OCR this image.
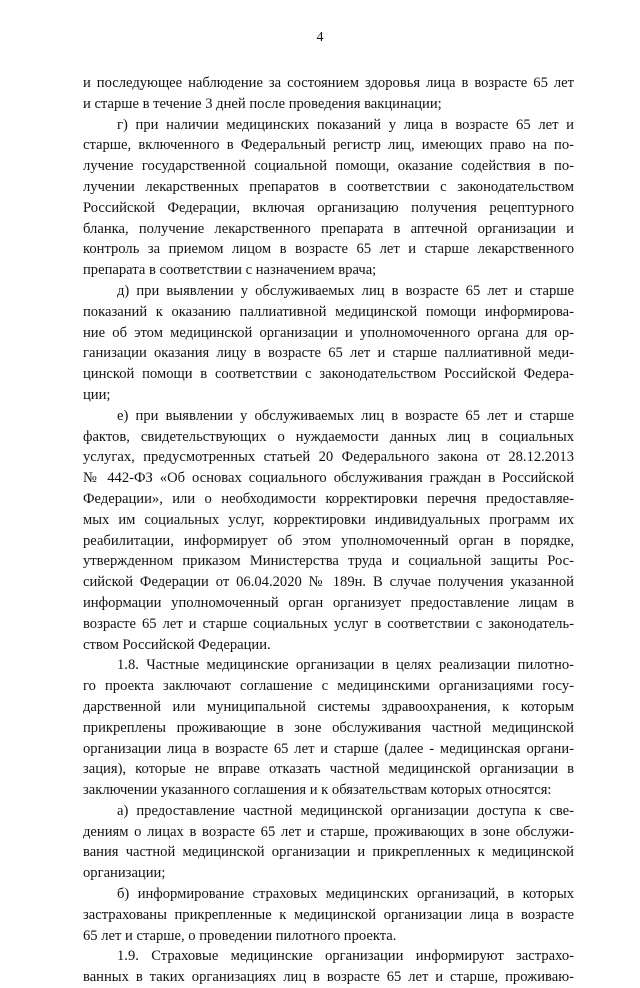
4
и последующее наблюдение за состоянием здоровья лица в возрасте 65 лет
и старше в течение 3 дней после проведения вакцинации;
г) при наличии медицинских показаний у лица в возрасте 65 лет и
старше, включенного в Федеральный регистр лиц, имеющих право на по-
лучение государственной социальной помощи, оказание содействия в по-
лучении лекарственных препаратов в соответствии с законодательством
Российской Федерации, включая организацию получения рецептурного
бланка, получение лекарственного препарата в аптечной организации и
контроль за приемом лицом в возрасте 65 лет и старше лекарственного
препарата в соответствии с назначением врача;
д) при выявлении у обслуживаемых лиц в возрасте 65 лет и старше
показаний к оказанию паллиативной медицинской помощи информирова-
ние об этом медицинской организации и уполномоченного органа для ор-
ганизации оказания лицу в возрасте 65 лет и старше паллиативной меди-
цинской помощи в соответствии с законодательством Российской Федера-
ции;
е) при выявлении у обслуживаемых лиц в возрасте 65 лет и старше
фактов, свидетельствующих о нуждаемости данных лиц в социальных
услугах, предусмотренных статьей 20 Федерального закона от 28.12.2013
№ 442-ФЗ «Об основах социального обслуживания граждан в Российской
Федерации», или о необходимости корректировки перечня предоставляе-
мых им социальных услуг, корректировки индивидуальных программ их
реабилитации, информирует об этом уполномоченный орган в порядке,
утвержденном приказом Министерства труда и социальной защиты Рос-
сийской Федерации от 06.04.2020 № 189н. В случае получения указанной
информации уполномоченный орган организует предоставление лицам в
возрасте 65 лет и старше социальных услуг в соответствии с законодатель-
ством Российской Федерации.
1.8. Частные медицинские организации в целях реализации пилотно-
го проекта заключают соглашение с медицинскими организациями госу-
дарственной или муниципальной системы здравоохранения, к которым
прикреплены проживающие в зоне обслуживания частной медицинской
организации лица в возрасте 65 лет и старше (далее - медицинская органи-
зация), которые не вправе отказать частной медицинской организации в
заключении указанного соглашения и к обязательствам которых относятся:
а) предоставление частной медицинской организации доступа к све-
дениям о лицах в возрасте 65 лет и старше, проживающих в зоне обслужи-
вания частной медицинской организации и прикрепленных к медицинской
организации;
б) информирование страховых медицинских организаций, в которых
застрахованы прикрепленные к медицинской организации лица в возрасте
65 лет и старше, о проведении пилотного проекта.
1.9. Страховые медицинские организации информируют застрахо-
ванных в таких организациях лиц в возрасте 65 лет и старше, проживаю-
